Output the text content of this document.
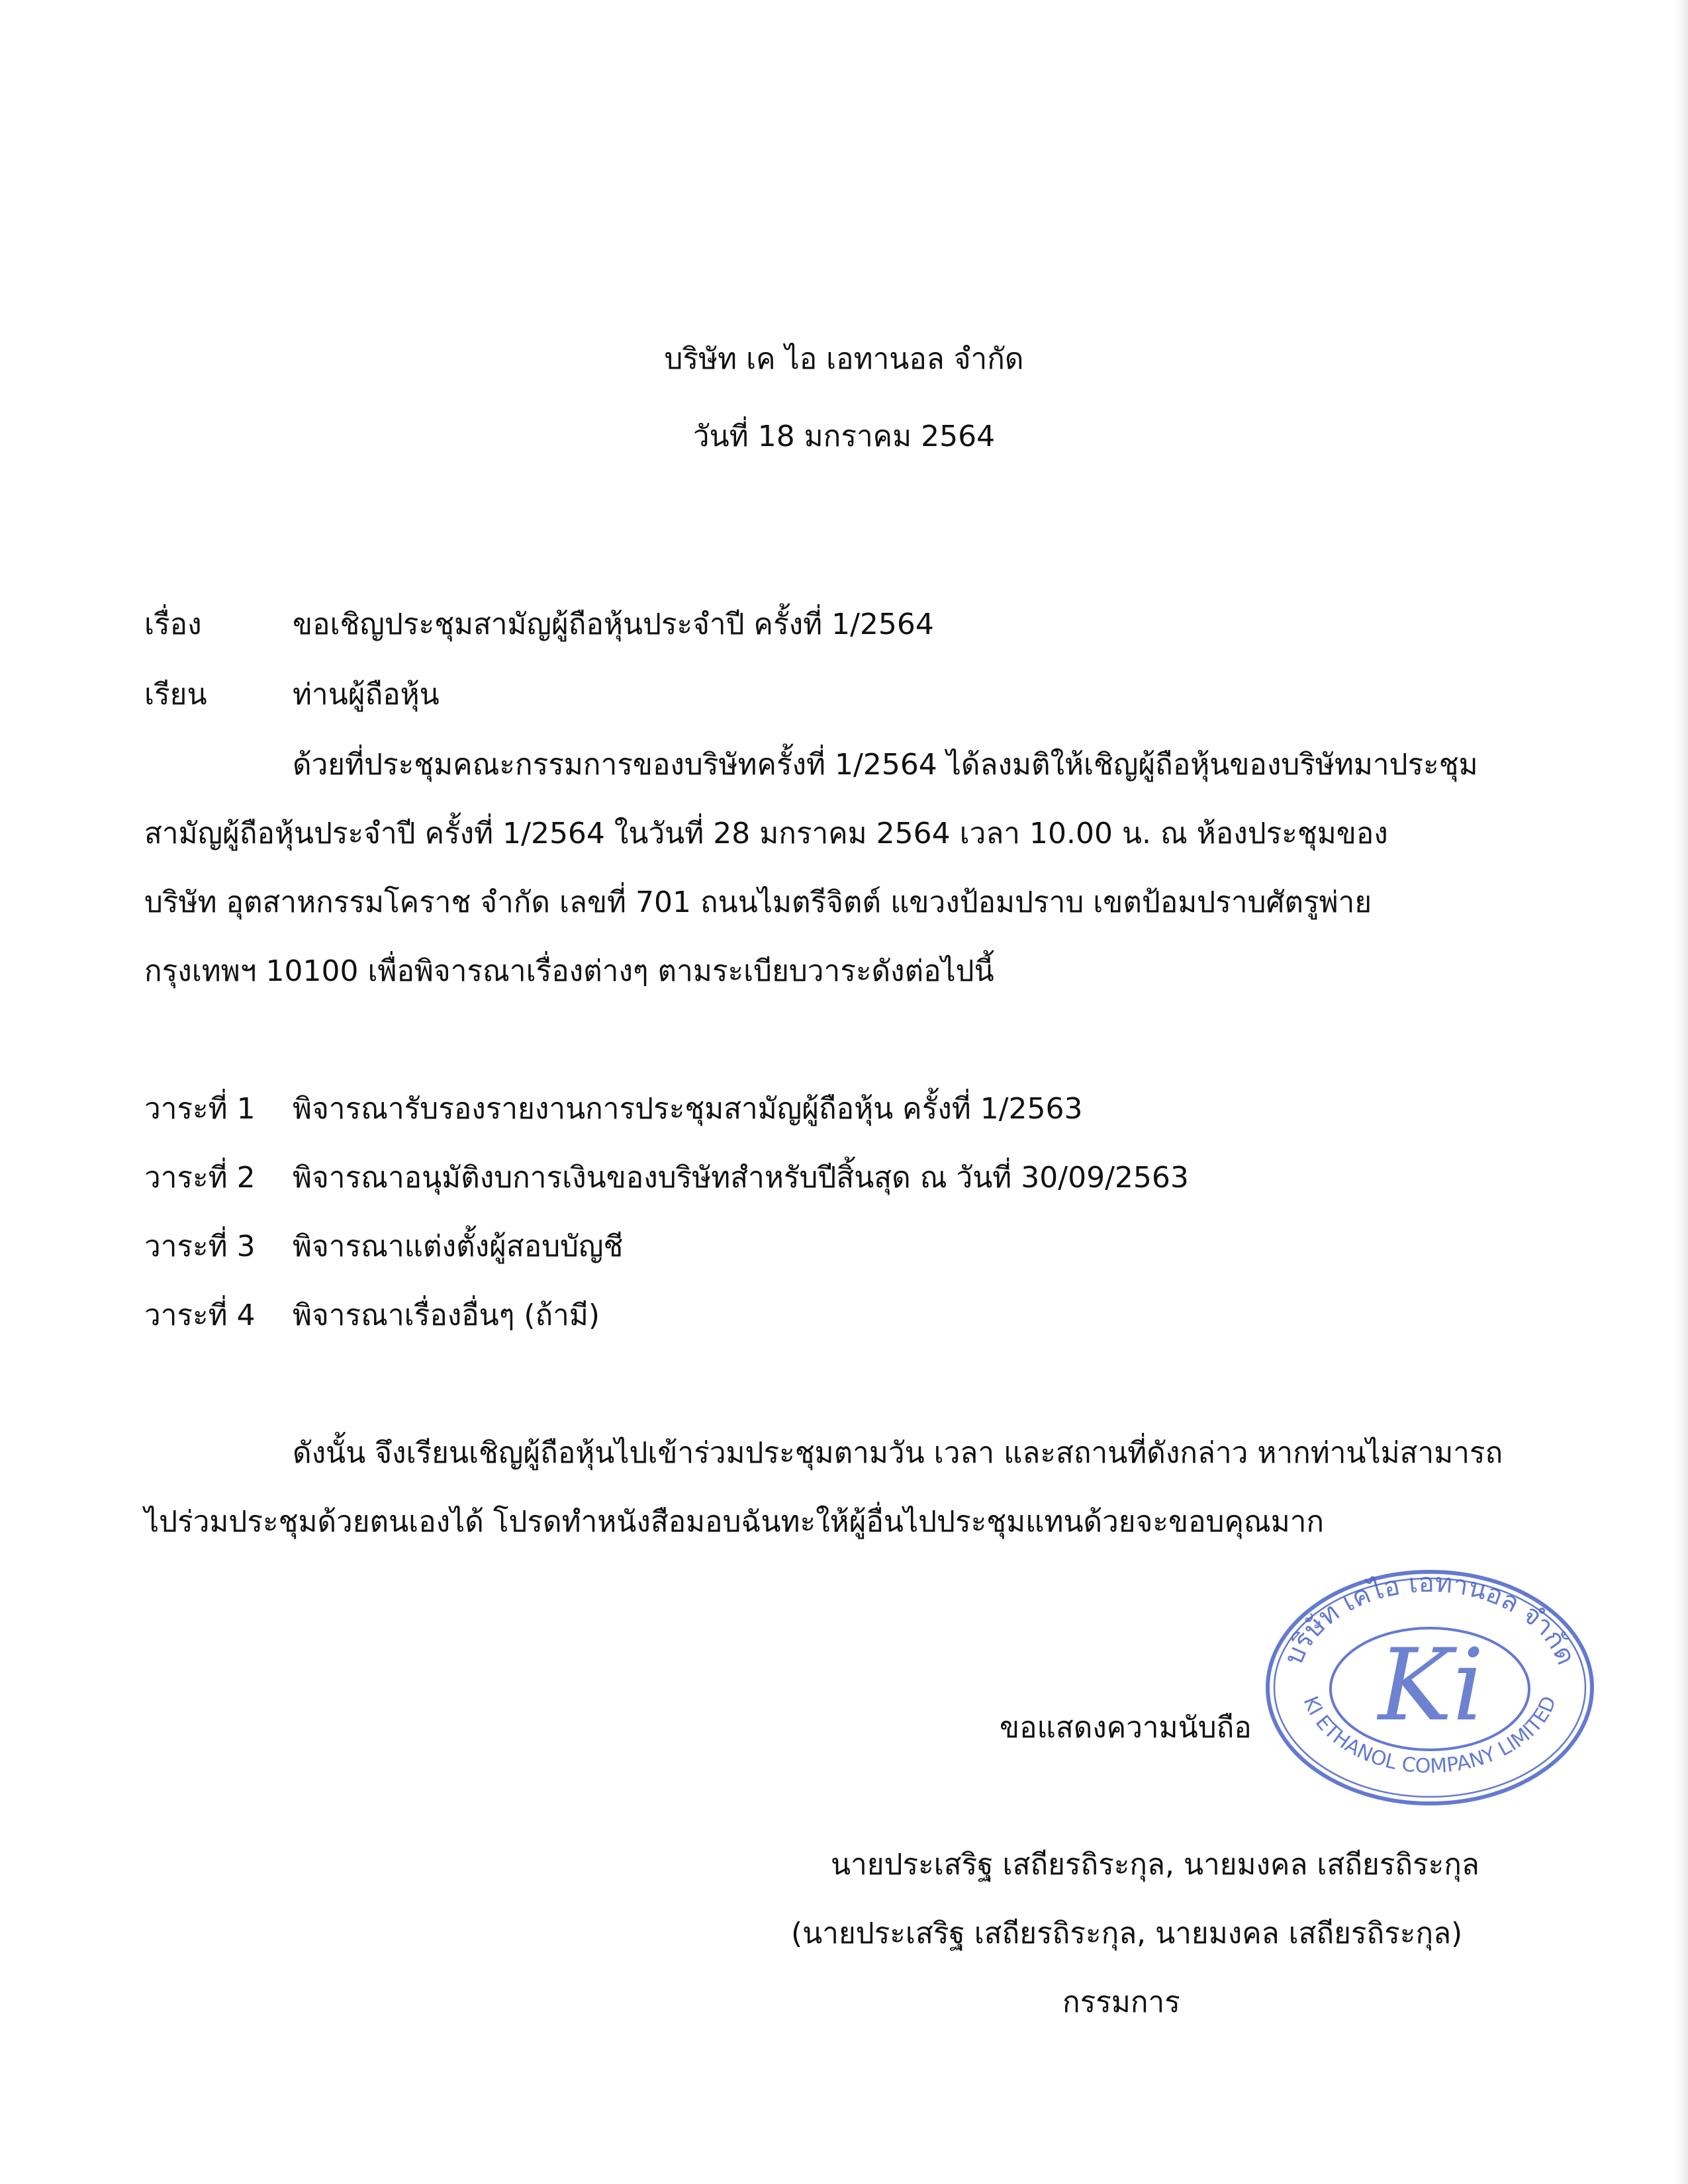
บริษัท เค ไอ เอทานอล จำกัด
วันที่ 18 มกราคม 2564
เรื่อง	ขอเชิญประชุมสามัญผู้ถือหุ้นประจำปี ครั้งที่ 1/2564
เรียน	ท่านผู้ถือหุ้น
ด้วยที่ประชุมคณะกรรมการของบริษัทครั้งที่ 1/2564 ได้ลงมติให้เชิญผู้ถือหุ้นของบริษัทมาประชุม
สามัญผู้ถือหุ้นประจำปี ครั้งที่ 1/2564 ในวันที่ 28 มกราคม 2564 เวลา 10.00 น. ณ ห้องประชุมของ
บริษัท อุตสาหกรรมโคราช จำกัด เลขที่ 701 ถนนไมตรีจิตต์ แขวงป้อมปราบ เขตป้อมปราบศัตรูพ่าย
กรุงเทพฯ 10100 เพื่อพิจารณาเรื่องต่างๆ ตามระเบียบวาระดังต่อไปนี้
วาระที่ 1 พิจารณารับรองรายงานการประชุมสามัญผู้ถือหุ้น ครั้งที่ 1/2563
วาระที่ 2 พิจารณาอนุมัติงบการเงินของบริษัทสำหรับปีสิ้นสุด ณ วันที่ 30/09/2563
วาระที่ 3 พิจารณาแต่งตั้งผู้สอบบัญชี
วาระที่ 4 พิจารณาเรื่องอื่นๆ (ถ้ามี)
ดังนั้น จึงเรียนเชิญผู้ถือหุ้นไปเข้าร่วมประชุมตามวัน เวลา และสถานที่ดังกล่าว หากท่านไม่สามารถ
ไปร่วมประชุมด้วยตนเองได้ โปรดทำหนังสือมอบฉันทะให้ผู้อื่นไปประชุมแทนด้วยจะขอบคุณมาก
ขอแสดงความนับถือ
นายประเสริฐ เสถียรถิระกุล, นายมงคล เสถียรถิระกุล
(นายประเสริฐ เสถียรถิระกุล, นายมงคล เสถียรถิระกุล)
กรรมการ
บริษัท เคไอ เอทานอล จำกัด
KI ETHANOL COMPANY LIMITED
Ki
